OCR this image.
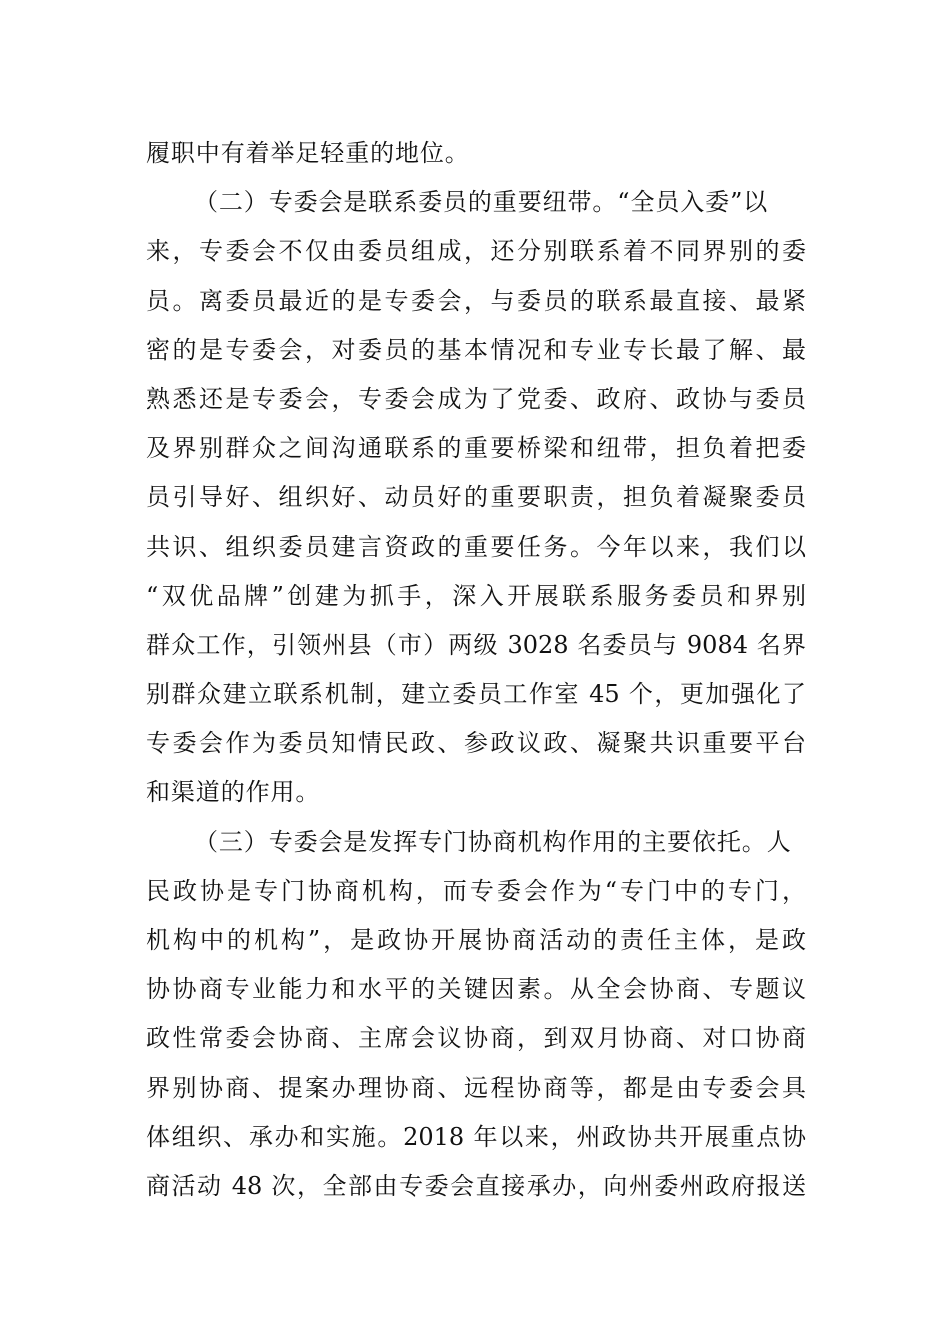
履职中有着举足轻重的地位。
（二）专委会是联系委员的重要纽带。“全员入委”以
来，专委会不仅由委员组成，还分别联系着不同界别的委
员。离委员最近的是专委会，与委员的联系最直接、最紧
密的是专委会，对委员的基本情况和专业专长最了解、最
熟悉还是专委会，专委会成为了党委、政府、政协与委员
及界别群众之间沟通联系的重要桥梁和纽带，担负着把委
员引导好、组织好、动员好的重要职责，担负着凝聚委员
共识、组织委员建言资政的重要任务。今年以来，我们以
“双优品牌”创建为抓手，深入开展联系服务委员和界别
群众工作，引领州县（市）两级 3028 名委员与 9084 名界
别群众建立联系机制，建立委员工作室 45 个，更加强化了
专委会作为委员知情民政、参政议政、凝聚共识重要平台
和渠道的作用。
（三）专委会是发挥专门协商机构作用的主要依托。人
民政协是专门协商机构，而专委会作为“专门中的专门，
机构中的机构”，是政协开展协商活动的责任主体，是政
协协商专业能力和水平的关键因素。从全会协商、专题议
政性常委会协商、主席会议协商，到双月协商、对口协商
界别协商、提案办理协商、远程协商等，都是由专委会具
体组织、承办和实施。2018 年以来，州政协共开展重点协
商活动 48 次，全部由专委会直接承办，向州委州政府报送
